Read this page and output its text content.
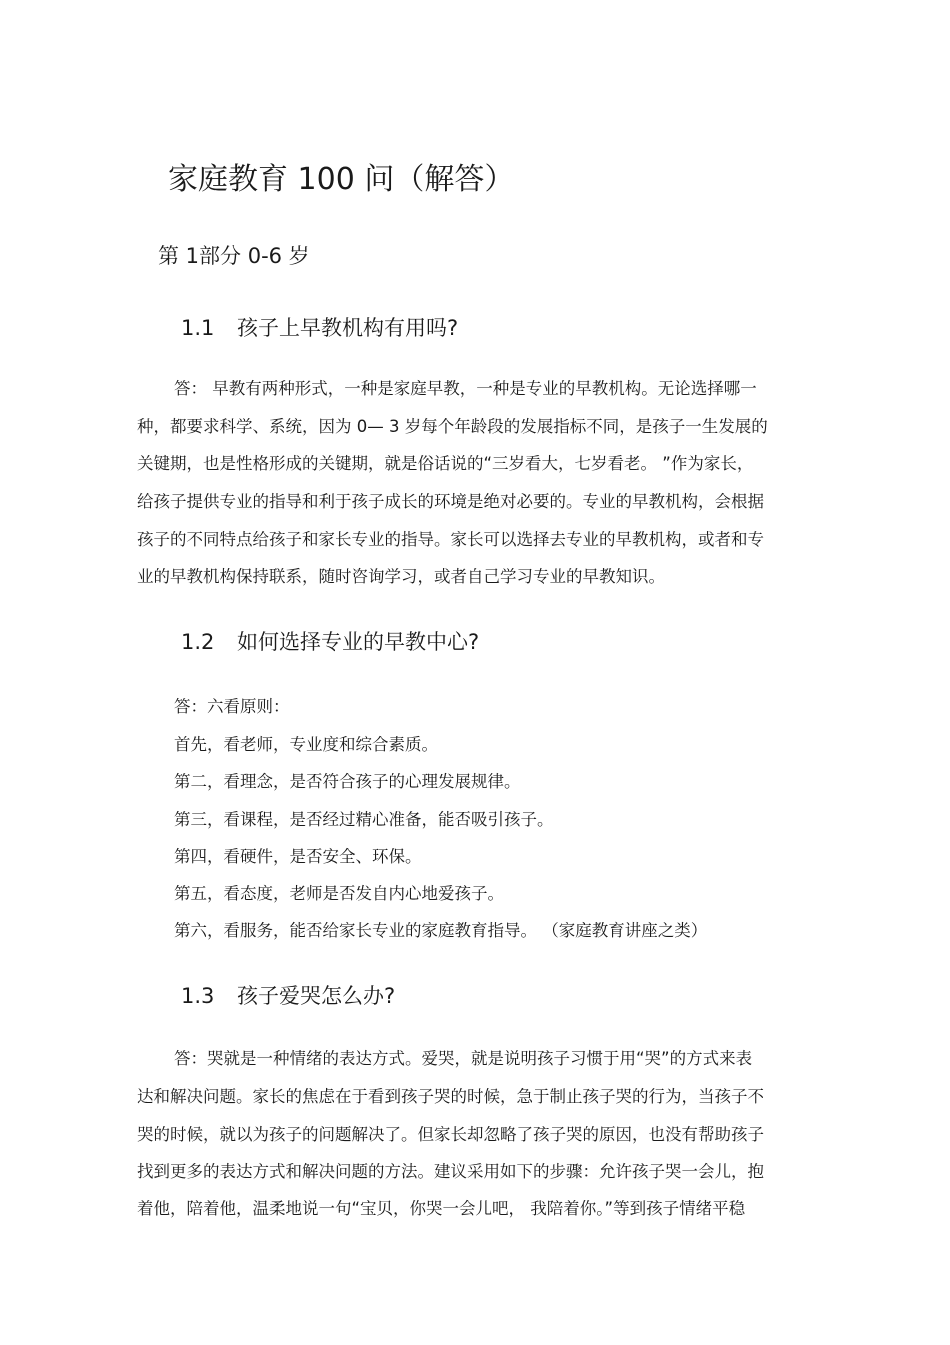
家庭教育 100 问（解答）
第 1部分 0-6 岁
1.1 孩子上早教机构有用吗?
答： 早教有两种形式，一种是家庭早教，一种是专业的早教机构。无论选择哪一
种，都要求科学、系统，因为 0— 3 岁每个年龄段的发展指标不同，是孩子一生发展的
关键期，也是性格形成的关键期，就是俗话说的“三岁看大，七岁看老。 ”作为家长，
给孩子提供专业的指导和利于孩子成长的环境是绝对必要的。专业的早教机构，会根据
孩子的不同特点给孩子和家长专业的指导。家长可以选择去专业的早教机构，或者和专
业的早教机构保持联系，随时咨询学习，或者自己学习专业的早教知识。
1.2 如何选择专业的早教中心?
答：六看原则：
首先，看老师，专业度和综合素质。
第二，看理念，是否符合孩子的心理发展规律。
第三，看课程，是否经过精心准备，能否吸引孩子。
第四，看硬件，是否安全、环保。
第五，看态度，老师是否发自内心地爱孩子。
第六，看服务，能否给家长专业的家庭教育指导。 （家庭教育讲座之类）
1.3 孩子爱哭怎么办?
答：哭就是一种情绪的表达方式。爱哭，就是说明孩子习惯于用“哭”的方式来表
达和解决问题。家长的焦虑在于看到孩子哭的时候，急于制止孩子哭的行为，当孩子不
哭的时候，就以为孩子的问题解决了。但家长却忽略了孩子哭的原因，也没有帮助孩子
找到更多的表达方式和解决问题的方法。建议采用如下的步骤：允许孩子哭一会儿，抱
着他，陪着他，温柔地说一句“宝贝，你哭一会儿吧， 我陪着你。”等到孩子情绪平稳
